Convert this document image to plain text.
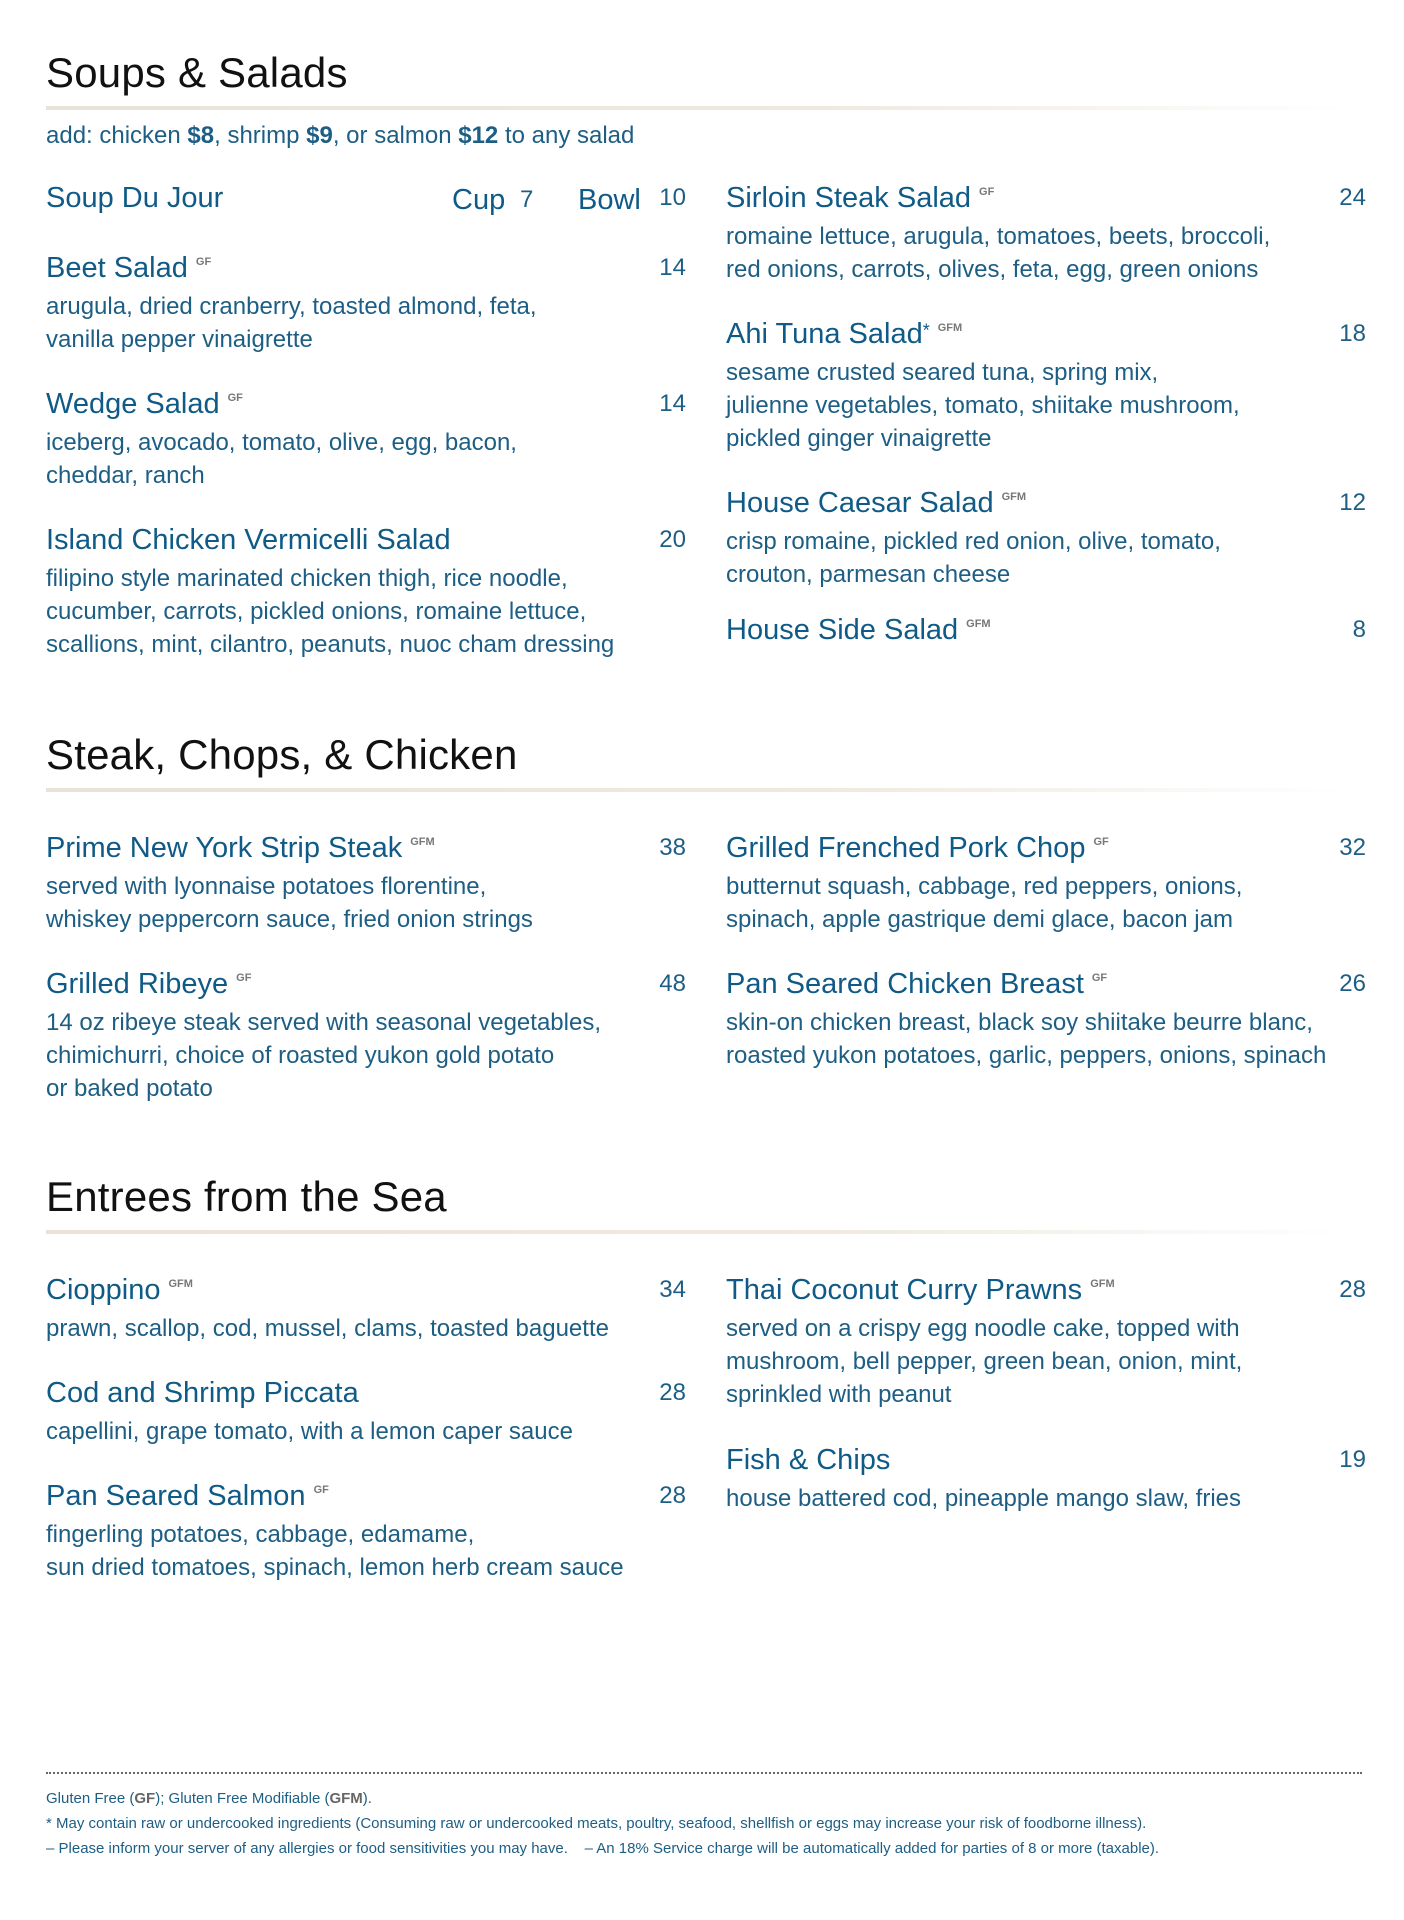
Soups & Salads
add: chicken $8, shrimp $9, or salmon $12 to any salad
Soup Du Jour	Cup 7 Bowl 10
Beet Salad $^{GF}$	14
arugula, dried cranberry, toasted almond, feta,
vanilla pepper vinaigrette
Wedge Salad $^{GF}$	14
iceberg, avocado, tomato, olive, egg, bacon,
cheddar, ranch
Island Chicken Vermicelli Salad	20
filipino style marinated chicken thigh, rice noodle,
cucumber, carrots, pickled onions, romaine lettuce,
scallions, mint, cilantro, peanuts, nuoc cham dressing
Sirloin Steak Salad $^{GF}$	24
romaine lettuce, arugula, tomatoes, beets, broccoli,
red onions, carrots, olives, feta, egg, green onions
Ahi Tuna Salad* $^{GFM}$	18
sesame crusted seared tuna, spring mix,
julienne vegetables, tomato, shiitake mushroom,
pickled ginger vinaigrette
House Caesar Salad $^{GFM}$	12
crisp romaine, pickled red onion, olive, tomato,
crouton, parmesan cheese
House Side Salad $^{GFM}$	8
Steak, Chops, & Chicken
Prime New York Strip Steak $^{GFM}$	38
served with lyonnaise potatoes florentine,
whiskey peppercorn sauce, fried onion strings
Grilled Ribeye $^{GF}$	48
14 oz ribeye steak served with seasonal vegetables,
chimichurri, choice of roasted yukon gold potato
or baked potato
Grilled Frenched Pork Chop $^{GF}$	32
butternut squash, cabbage, red peppers, onions,
spinach, apple gastrique demi glace, bacon jam
Pan Seared Chicken Breast $^{GF}$	26
skin-on chicken breast, black soy shiitake beurre blanc,
roasted yukon potatoes, garlic, peppers, onions, spinach
Entrees from the Sea
Cioppino $^{GFM}$	34
prawn, scallop, cod, mussel, clams, toasted baguette
Cod and Shrimp Piccata	28
capellini, grape tomato, with a lemon caper sauce
Pan Seared Salmon $^{GF}$	28
fingerling potatoes, cabbage, edamame,
sun dried tomatoes, spinach, lemon herb cream sauce
Thai Coconut Curry Prawns $^{GFM}$	28
served on a crispy egg noodle cake, topped with
mushroom, bell pepper, green bean, onion, mint,
sprinkled with peanut
Fish & Chips	19
house battered cod, pineapple mango slaw, fries
Gluten Free (GF); Gluten Free Modifiable (GFM).
* May contain raw or undercooked ingredients (Consuming raw or undercooked meats, poultry, seafood, shellfish or eggs may increase your risk of foodborne illness).
– Please inform your server of any allergies or food sensitivities you may have.    – An 18% Service charge will be automatically added for parties of 8 or more (taxable).
